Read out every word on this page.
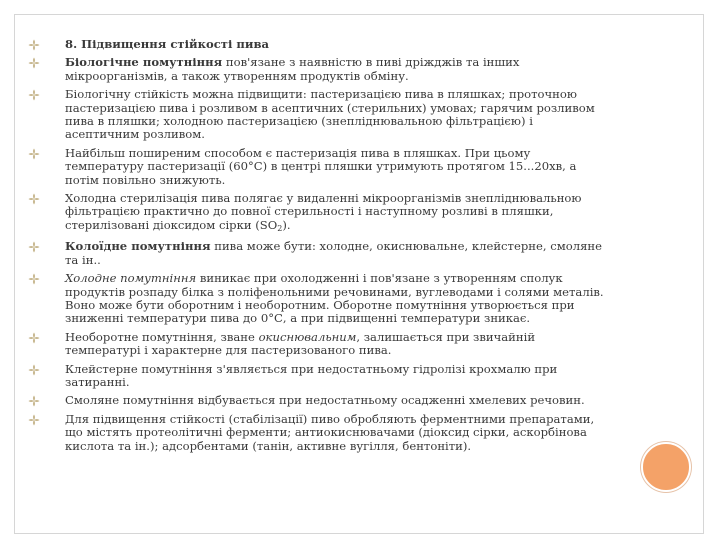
8. Підвищення стійкості пива
Біологічне помутніння пов'язане з наявністю в пиві дріжджів та інших мікроорганізмів, а також утворенням продуктів обміну.
Біологічну стійкість можна підвищити: пастеризацією пива в пляшках; проточною пастеризацією пива і розливом в асептичних (стерильних) умовах; гарячим розливом пива в пляшки; холодною пастеризацією (знепліднювальною фільтрацією) і асептичним розливом.
Найбільш поширеним способом є пастеризація пива в пляшках. При цьому температуру пастеризації (60°С) в центрі пляшки утримують протягом 15...20хв, а потім повільно знижують.
Холодна стерилізація пива полягає у видаленні мікроорганізмів знепліднювальною фільтрацією практично до повної стерильності і наступному розливі в пляшки, стерилізовані діоксидом сірки $(SO_2)$.
Колоїдне помутніння пива може бути: холодне, окиснювальне, клейстерне, смоляне та ін..
Холодне помутніння виникає при охолодженні і пов'язане з утворенням сполук продуктів розпаду білка з поліфенольними речовинами, вуглеводами і солями металів. Воно може бути оборотним і необоротним. Оборотне помутніння утворюється при зниженні температури пива до 0°С, а при підвищенні температури зникає.
Необоротне помутніння, зване окиснювальним, залишається при звичайній температурі і характерне для пастеризованого пива.
Клейстерне помутніння з'являється при недостатньому гідролізі крохмалю при затиранні.
Смоляне помутніння відбувається при недостатньому осадженні хмелевих речовин.
Для підвищення стійкості (стабілізації) пиво обробляють ферментними препаратами, що містять протеолітичні ферменти; антиокиснювачами (діоксид сірки, аскорбінова кислота та ін.); адсорбентами (танін, активне вугілля, бентоніти).
